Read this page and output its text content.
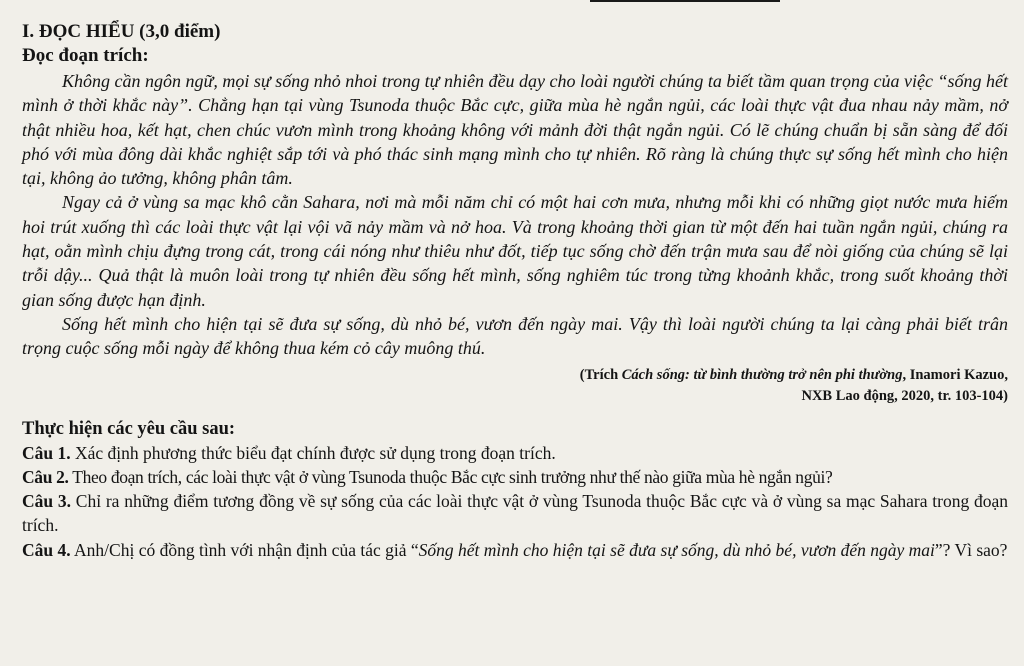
I. ĐỌC HIỂU (3,0 điểm)

Đọc đoạn trích:

Không cần ngôn ngữ, mọi sự sống nhỏ nhoi trong tự nhiên đều dạy cho loài người chúng ta biết tầm quan trọng của việc “sống hết mình ở thời khắc này”. Chẳng hạn tại vùng Tsunoda thuộc Bắc cực, giữa mùa hè ngắn ngủi, các loài thực vật đua nhau nảy mầm, nở thật nhiều hoa, kết hạt, chen chúc vươn mình trong khoảng không với mảnh đời thật ngắn ngủi. Có lẽ chúng chuẩn bị sẵn sàng để đối phó với mùa đông dài khắc nghiệt sắp tới và phó thác sinh mạng mình cho tự nhiên. Rõ ràng là chúng thực sự sống hết mình cho hiện tại, không ảo tưởng, không phân tâm.

Ngay cả ở vùng sa mạc khô cằn Sahara, nơi mà mỗi năm chỉ có một hai cơn mưa, nhưng mỗi khi có những giọt nước mưa hiếm hoi trút xuống thì các loài thực vật lại vội vã nảy mầm và nở hoa. Và trong khoảng thời gian từ một đến hai tuần ngắn ngủi, chúng ra hạt, oằn mình chịu đựng trong cát, trong cái nóng như thiêu như đốt, tiếp tục sống chờ đến trận mưa sau để nòi giống của chúng sẽ lại trỗi dậy... Quả thật là muôn loài trong tự nhiên đều sống hết mình, sống nghiêm túc trong từng khoảnh khắc, trong suốt khoảng thời gian sống được hạn định.

Sống hết mình cho hiện tại sẽ đưa sự sống, dù nhỏ bé, vươn đến ngày mai. Vậy thì loài người chúng ta lại càng phải biết trân trọng cuộc sống mỗi ngày để không thua kém cỏ cây muông thú.

(Trích Cách sống: từ bình thường trở nên phi thường, Inamori Kazuo,
NXB Lao động, 2020, tr. 103-104)

Thực hiện các yêu cầu sau:

Câu 1. Xác định phương thức biểu đạt chính được sử dụng trong đoạn trích.

Câu 2. Theo đoạn trích, các loài thực vật ở vùng Tsunoda thuộc Bắc cực sinh trưởng như thế nào giữa mùa hè ngắn ngủi?

Câu 3. Chỉ ra những điểm tương đồng về sự sống của các loài thực vật ở vùng Tsunoda thuộc Bắc cực và ở vùng sa mạc Sahara trong đoạn trích.

Câu 4. Anh/Chị có đồng tình với nhận định của tác giả “Sống hết mình cho hiện tại sẽ đưa sự sống, dù nhỏ bé, vươn đến ngày mai”? Vì sao?
